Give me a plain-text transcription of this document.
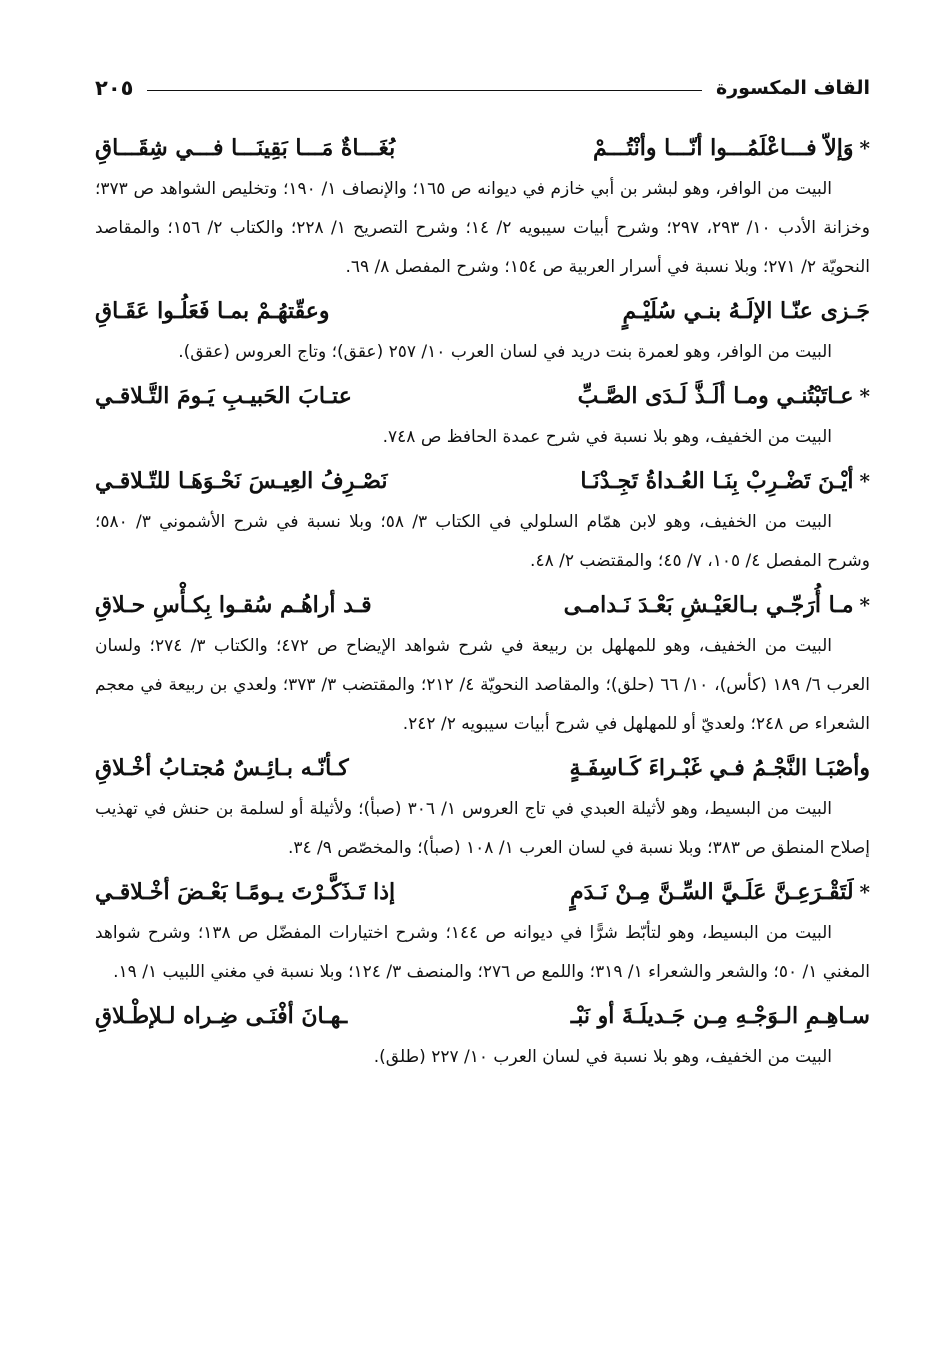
القاف المكسورة
٢٠٥
*
وَإلاّ فـــاعْلَمُـــوا أنّـــا وأنْتُـــمْ
بُغَـــاةٌ مَـــا بَقِينَـــا فـــي شِقَـــاقِ
البيت من الوافر، وهو لبشر بن أبي خازم في ديوانه ص ١٦٥؛ والإنصاف ١/ ١٩٠؛ وتخليص الشواهد ص ٣٧٣؛ وخزانة الأدب ١٠/ ٢٩٣، ٢٩٧؛ وشرح أبيات سيبويه ٢/ ١٤؛ وشرح التصريح ١/ ٢٢٨؛ والكتاب ٢/ ١٥٦؛ والمقاصد النحويّة ٢/ ٢٧١؛ وبلا نسبة في أسرار العربية ص ١٥٤؛ وشرح المفصل ٨/ ٦٩.
جَـزى عنّـا الإلَـهُ بنـي سُلَيْـمٍ
وعقّتهُـمْ بمـا فَعَلُـوا عَقَـاقِ
البيت من الوافر، وهو لعمرة بنت دريد في لسان العرب ١٠/ ٢٥٧ (عقق)؛ وتاج العروس (عقق).
*
عـاتَبْتُنـي ومـا ألَـذَّ لَـدَى الصَّـبِّ
عتـابَ الحَبيـبِ يَـومَ التَّـلاقـي
البيت من الخفيف، وهو بلا نسبة في شرح عمدة الحافظ ص ٧٤٨.
*
أيْـنَ تَضْـرِبْ بِنَـا العُـداةُ تَجِـدْنَـا
نَصْـرِفُ العِيـسَ نَحْـوَهَـا للتّـلاقـي
البيت من الخفيف، وهو لابن همّام السلولي في الكتاب ٣/ ٥٨؛ وبلا نسبة في شرح الأشموني ٣/ ٥٨٠؛ وشرح المفصل ٤/ ١٠٥، ٧/ ٤٥؛ والمقتضب ٢/ ٤٨.
*
مـا أُرَجّـي بـالعَيْـشِ بَعْـدَ نَـدامـى
قـد أراهُـم سُقـوا بِكـأْسِ حـلاقِ
البيت من الخفيف، وهو للمهلهل بن ربيعة في شرح شواهد الإيضاح ص ٤٧٢؛ والكتاب ٣/ ٢٧٤؛ ولسان العرب ٦/ ١٨٩ (كأس)، ١٠/ ٦٦ (حلق)؛ والمقاصد النحويّة ٤/ ٢١٢؛ والمقتضب ٣/ ٣٧٣؛ ولعدي بن ربيعة في معجم الشعراء ص ٢٤٨؛ ولعديّ أو للمهلهل في شرح أبيات سيبويه ٢/ ٢٤٢.
وأصْبَـا النَّجْـمُ فـي غَبْـراءَ كَـاسِفَـةٍ
كـأنّـه بـائِـسٌ مُجتـابُ أخْـلاقِ
البيت من البسيط، وهو لأثيلة العبدي في تاج العروس ١/ ٣٠٦ (صبأ)؛ ولأثيلة أو لسلمة بن حنش في تهذيب إصلاح المنطق ص ٣٨٣؛ وبلا نسبة في لسان العرب ١/ ١٠٨ (صبأ)؛ والمخصّص ٩/ ٣٤.
*
لَتَقْـرَعِـنَّ عَلَـيَّ السِّـنَّ مِـنْ نَـدَمٍ
إذا تَـذَكَّـرْتَ يـومًـا بَعْـضَ أخْـلاقـي
البيت من البسيط، وهو لتأبّط شرًّا في ديوانه ص ١٤٤؛ وشرح اختيارات المفضّل ص ١٣٨؛ وشرح شواهد المغني ١/ ٥٠؛ والشعر والشعراء ١/ ٣١٩؛ واللمع ص ٢٧٦؛ والمنصف ٣/ ١٢٤؛ وبلا نسبة في مغني اللبيب ١/ ١٩.
سـاهِـمِ الـوَجْـهِ مِـن جَـديلَـةَ أو نَبْـ
ـهـانَ أفْنَـى ضِـراه لـلإطْـلاقِ
البيت من الخفيف، وهو بلا نسبة في لسان العرب ١٠/ ٢٢٧ (طلق).
